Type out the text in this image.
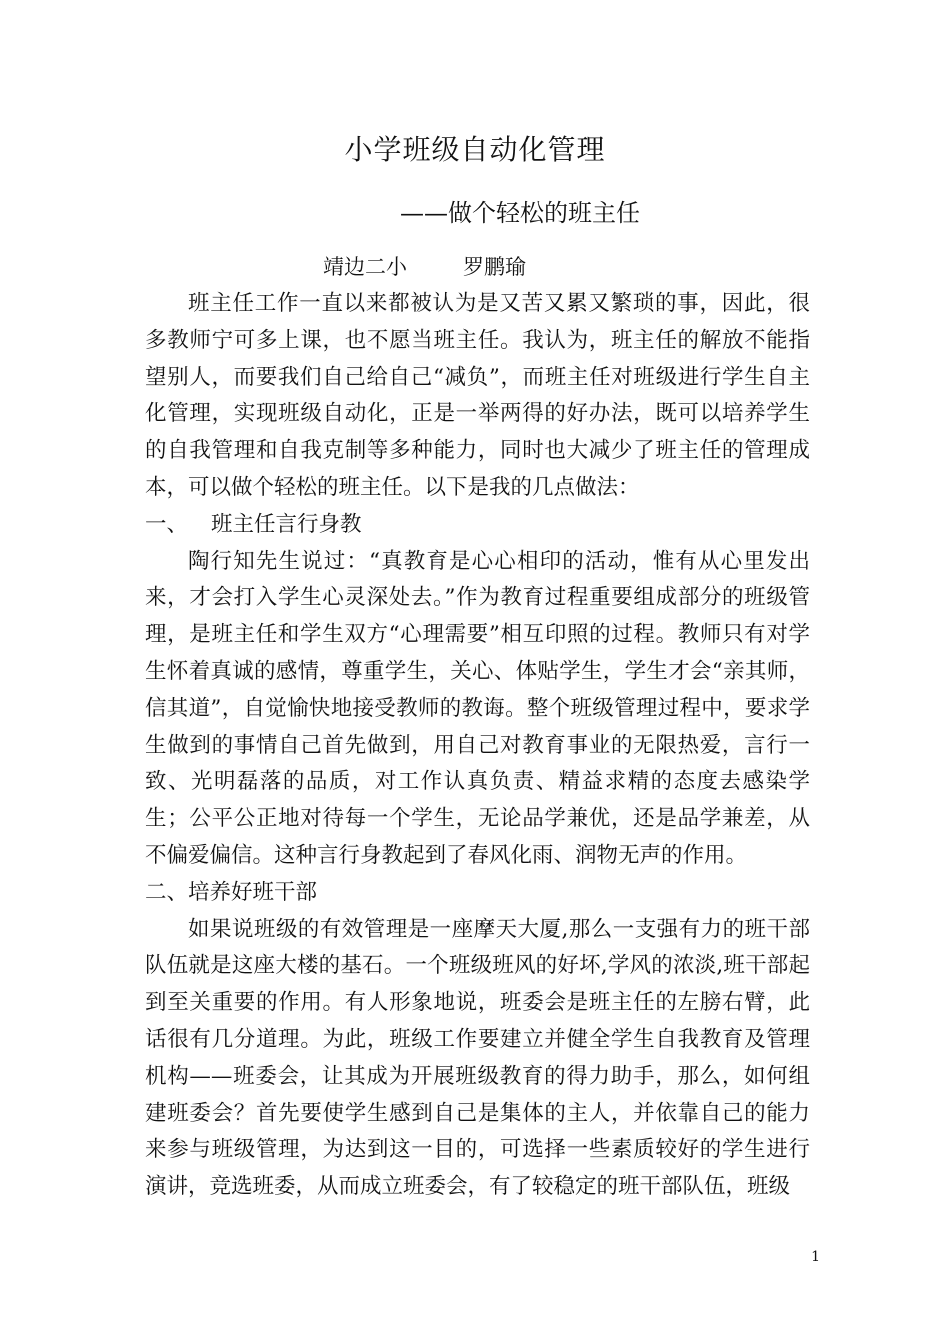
小学班级自动化管理
——做个轻松的班主任
靖边二小	罗鹏瑜

班主任工作一直以来都被认为是又苦又累又繁琐的事，因此，很多教师宁可多上课，也不愿当班主任。我认为，班主任的解放不能指望别人，而要我们自己给自己“减负”，而班主任对班级进行学生自主化管理，实现班级自动化，正是一举两得的好办法，既可以培养学生的自我管理和自我克制等多种能力，同时也大减少了班主任的管理成本，可以做个轻松的班主任。以下是我的几点做法：

一、 班主任言行身教

陶行知先生说过：“真教育是心心相印的活动，惟有从心里发出来，才会打入学生心灵深处去。”作为教育过程重要组成部分的班级管理，是班主任和学生双方“心理需要”相互印照的过程。教师只有对学生怀着真诚的感情，尊重学生，关心、体贴学生，学生才会“亲其师，信其道”，自觉愉快地接受教师的教诲。整个班级管理过程中，要求学生做到的事情自己首先做到，用自己对教育事业的无限热爱，言行一致、光明磊落的品质，对工作认真负责、精益求精的态度去感染学生；公平公正地对待每一个学生，无论品学兼优，还是品学兼差，从不偏爱偏信。这种言行身教起到了春风化雨、润物无声的作用。

二、培养好班干部

如果说班级的有效管理是一座摩天大厦,那么一支强有力的班干部队伍就是这座大楼的基石。一个班级班风的好坏,学风的浓淡,班干部起到至关重要的作用。有人形象地说，班委会是班主任的左膀右臂，此话很有几分道理。为此，班级工作要建立并健全学生自我教育及管理机构——班委会，让其成为开展班级教育的得力助手，那么，如何组建班委会？首先要使学生感到自己是集体的主人，并依靠自己的能力来参与班级管理，为达到这一目的，可选择一些素质较好的学生进行演讲，竞选班委，从而成立班委会，有了较稳定的班干部队伍，班级

1
